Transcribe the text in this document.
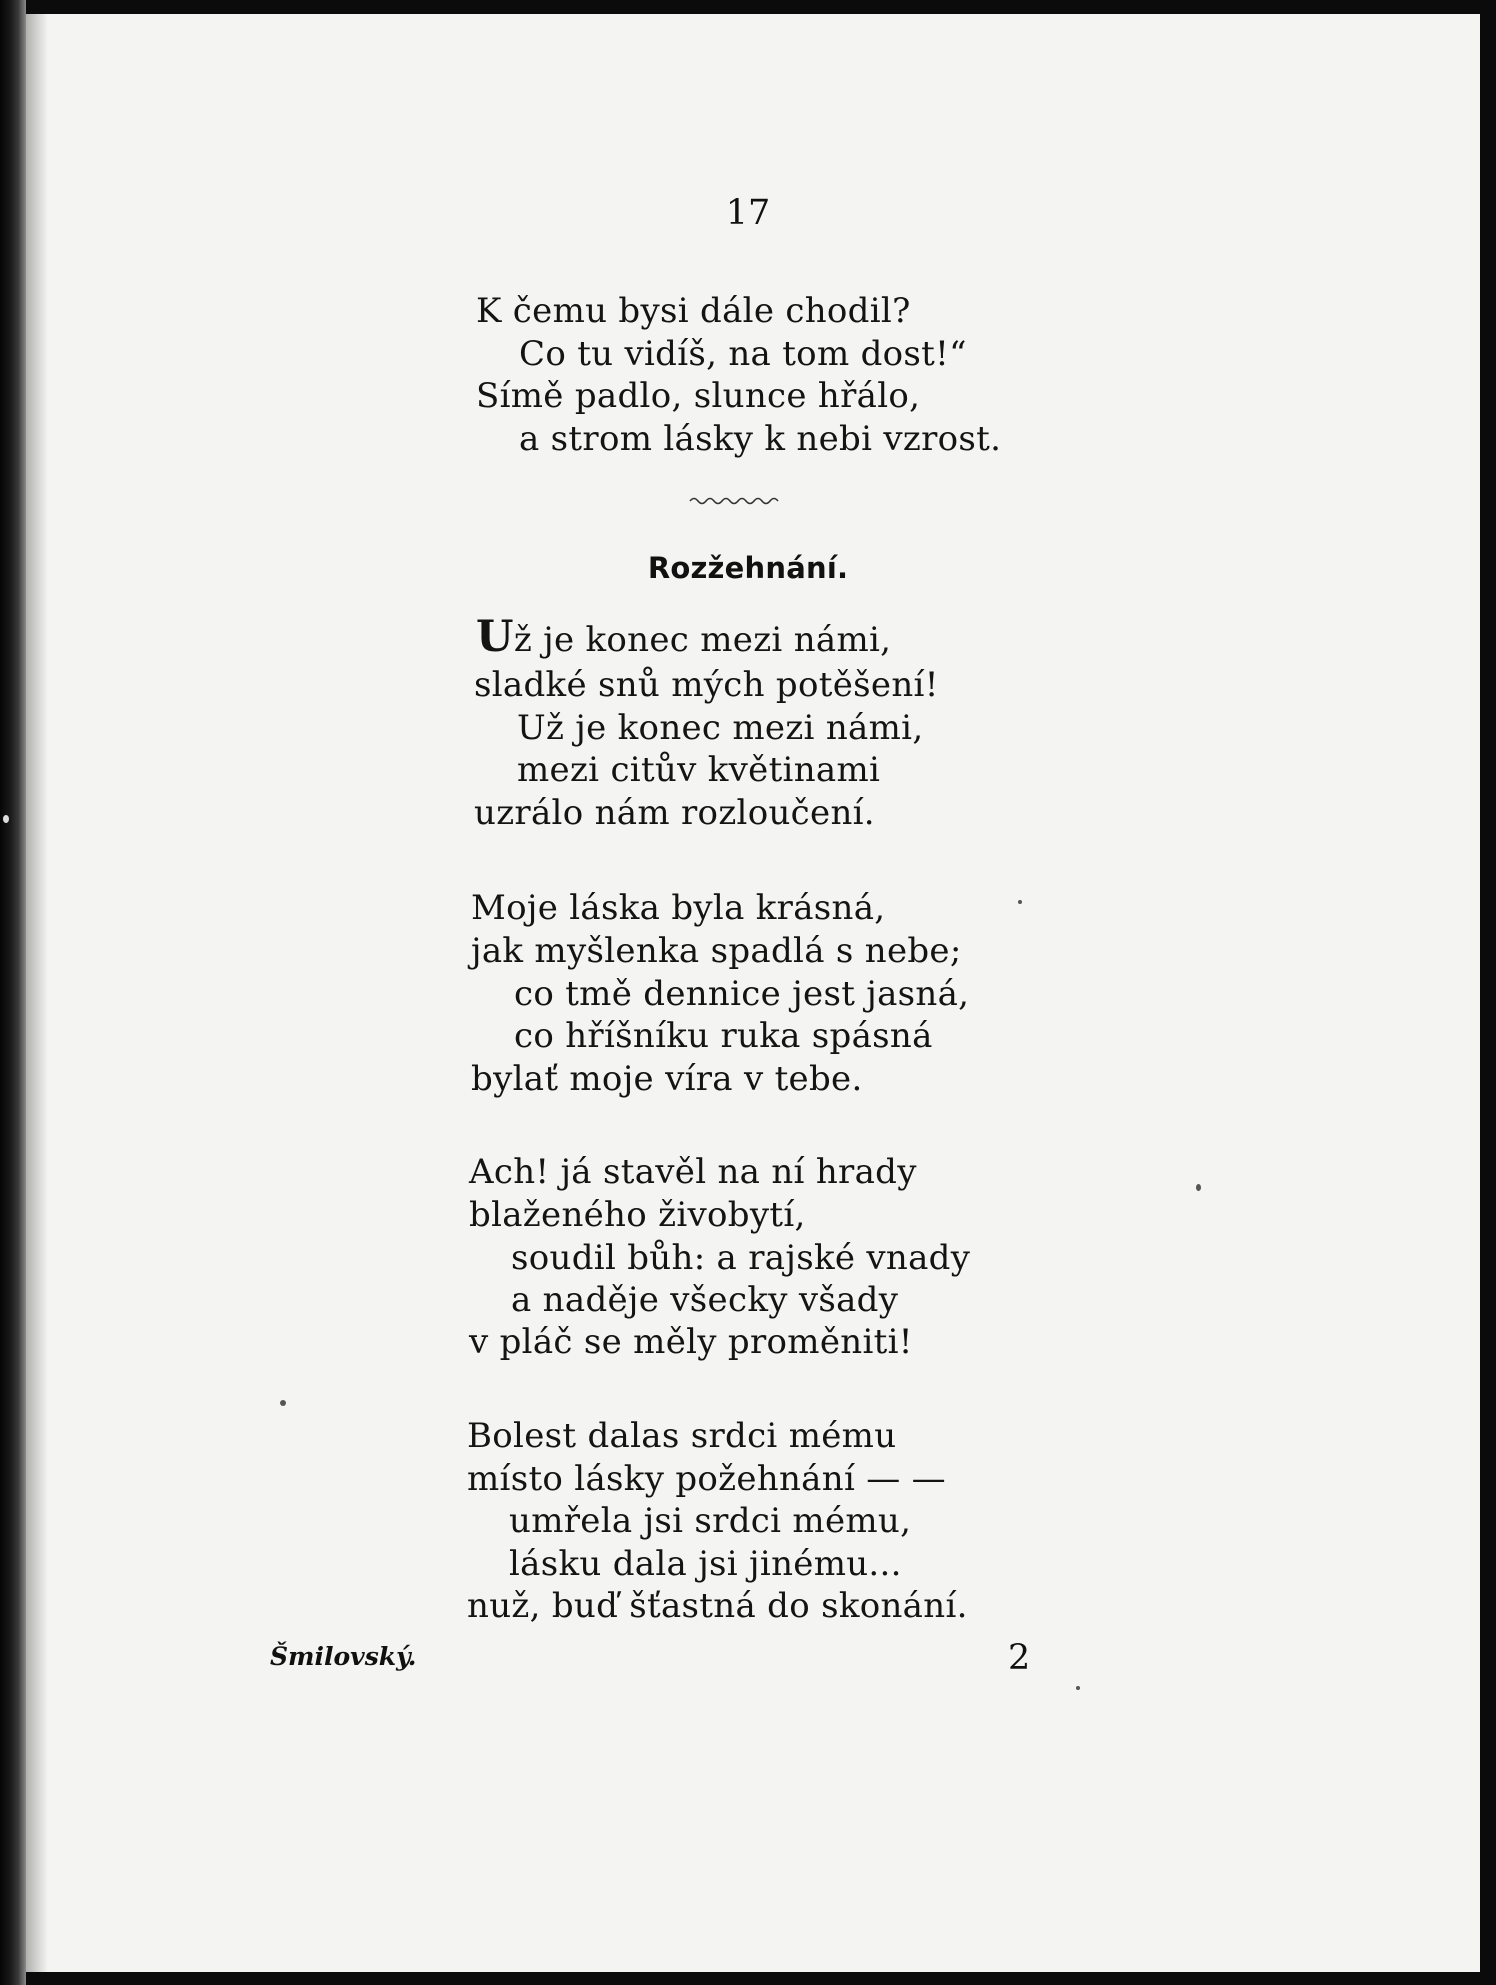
17
K čemu bysi dále chodil?
Co tu vidíš, na tom dost!“
Símě padlo, slunce hřálo,
a strom lásky k nebi vzrost.
Rozžehnání.
Už je konec mezi námi,
sladké snů mých potěšení!
Už je konec mezi námi,
mezi citův květinami
uzrálo nám rozloučení.
Moje láska byla krásná,
jak myšlenka spadlá s nebe;
co tmě dennice jest jasná,
co hříšníku ruka spásná
bylať moje víra v tebe.
Ach! já stavěl na ní hrady
blaženého živobytí,
soudil bůh: a rajské vnady
a naděje všecky všady
v pláč se měly proměniti!
Bolest dalas srdci mému
místo lásky požehnání — —
umřela jsi srdci mému,
lásku dala jsi jinému...
nuž, buď šťastná do skonání.
Šmilovský.	2
